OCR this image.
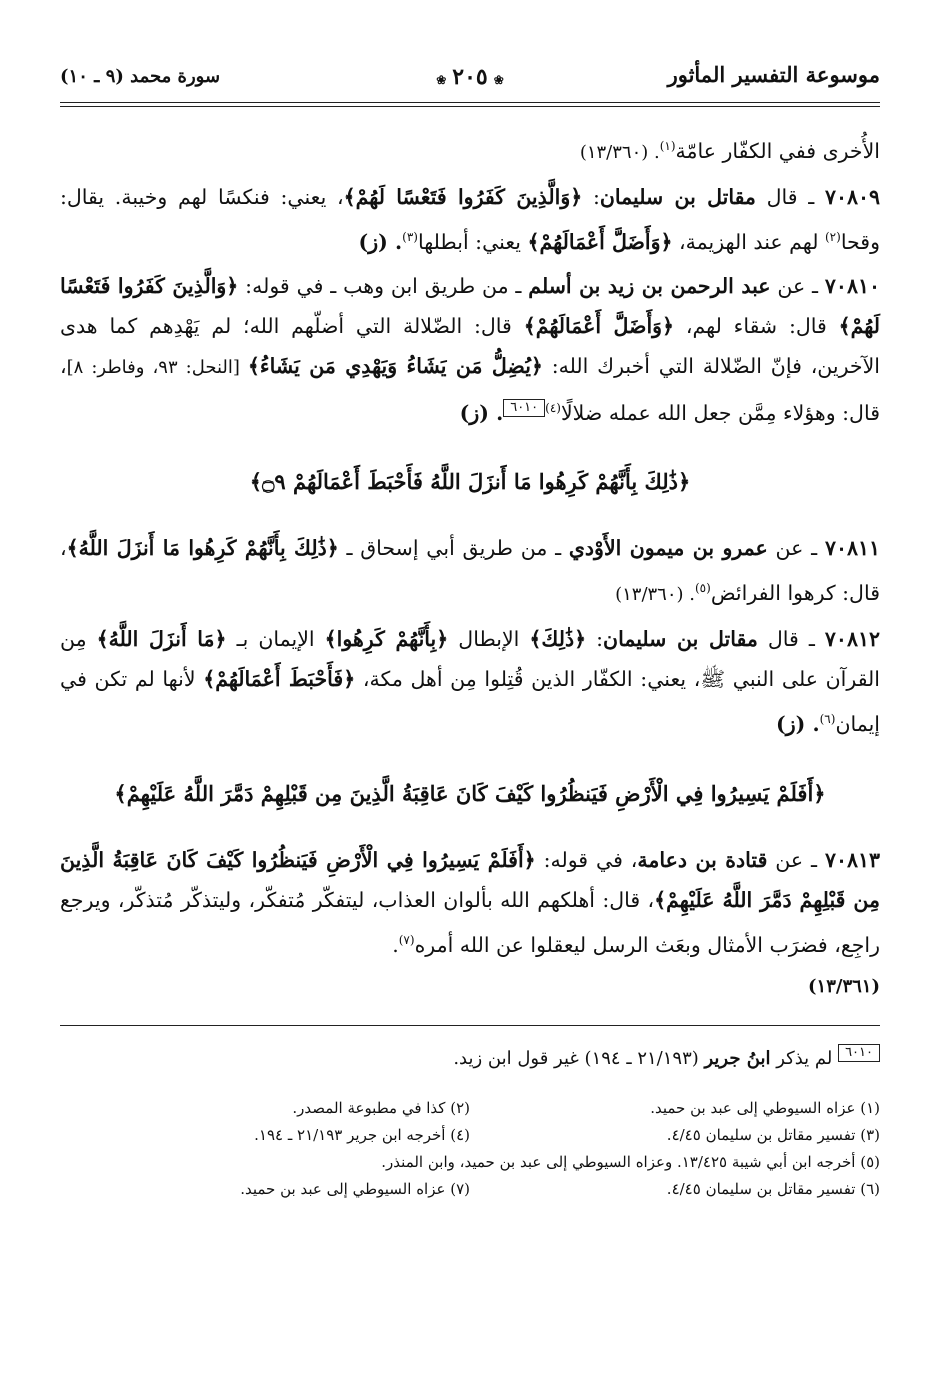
موسوعة التفسير المأثور
❀٢٠٥❀
سورة محمد (٩ ـ ١٠)

الأُخرى ففي الكفّار عامّة$^{(١)}$. (١٣/٣٦٠)

٧٠٨٠٩ ـ قال مقاتل بن سليمان: ﴿وَالَّذِينَ كَفَرُوا فَتَعْسًا لَهُمْ﴾، يعني: فنكسًا لهم وخيبة. يقال: وقحا$^{(٢)}$ لهم عند الهزيمة، ﴿وَأَضَلَّ أَعْمَالَهُمْ﴾ يعني: أبطلها$^{(٣)}$. (ز)

٧٠٨١٠ ـ عن عبد الرحمن بن زيد بن أسلم ـ من طريق ابن وهب ـ في قوله: ﴿وَالَّذِينَ كَفَرُوا فَتَعْسًا لَهُمْ﴾ قال: شقاء لهم، ﴿وَأَضَلَّ أَعْمَالَهُمْ﴾ قال: الضّلالة التي أضلّهم الله؛ لم يَهْدِهم كما هدى الآخرين، فإنّ الضّلالة التي أخبرك الله: ﴿يُضِلُّ مَن يَشَاءُ وَيَهْدِي مَن يَشَاءُ﴾ [النحل: ٩٣، وفاطر: ٨]، قال: وهؤلاء مِمَّن جعل الله عمله ضلالًا$^{(٤)}$٦٠١٠. (ز)

﴿ذَٰلِكَ بِأَنَّهُمْ كَرِهُوا مَا أَنزَلَ اللَّهُ فَأَحْبَطَ أَعْمَالَهُمْ ۝٩﴾

٧٠٨١١ ـ عن عمرو بن ميمون الأَوْدي ـ من طريق أبي إسحاق ـ ﴿ذَٰلِكَ بِأَنَّهُمْ كَرِهُوا مَا أَنزَلَ اللَّهُ﴾، قال: كرهوا الفرائض$^{(٥)}$. (١٣/٣٦٠)

٧٠٨١٢ ـ قال مقاتل بن سليمان: ﴿ذَٰلِكَ﴾ الإبطال ﴿بِأَنَّهُمْ كَرِهُوا﴾ الإيمان بـ ﴿مَا أَنزَلَ اللَّهُ﴾ مِن القرآن على النبي ﷺ، يعني: الكفّار الذين قُتِلوا مِن أهل مكة، ﴿فَأَحْبَطَ أَعْمَالَهُمْ﴾ لأنها لم تكن في إيمان$^{(٦)}$. (ز)

﴿أَفَلَمْ يَسِيرُوا فِي الْأَرْضِ فَيَنظُرُوا كَيْفَ كَانَ عَاقِبَةُ الَّذِينَ مِن قَبْلِهِمْ دَمَّرَ اللَّهُ عَلَيْهِمْ﴾

٧٠٨١٣ ـ عن قتادة بن دعامة، في قوله: ﴿أَفَلَمْ يَسِيرُوا فِي الْأَرْضِ فَيَنظُرُوا كَيْفَ كَانَ عَاقِبَةُ الَّذِينَ مِن قَبْلِهِمْ دَمَّرَ اللَّهُ عَلَيْهِمْ﴾، قال: أهلكهم الله بألوان العذاب، ليتفكّر مُتفكّر، وليتذكّر مُتذكّر، ويرجع راجِع، فضرَب الأمثال وبعَث الرسل ليعقلوا عن الله أمره$^{(٧)}$.
(١٣/٣٦١)

٦٠١٠ لم يذكر ابنُ جرير (٢١/١٩٣ ـ ١٩٤) غير قول ابن زيد.
(١) عزاه السيوطي إلى عبد بن حميد.
(٢) كذا في مطبوعة المصدر.
(٣) تفسير مقاتل بن سليمان ٤/٤٥.
(٤) أخرجه ابن جرير ٢١/١٩٣ ـ ١٩٤.
(٥) أخرجه ابن أبي شيبة ١٣/٤٢٥. وعزاه السيوطي إلى عبد بن حميد، وابن المنذر.
(٦) تفسير مقاتل بن سليمان ٤/٤٥.
(٧) عزاه السيوطي إلى عبد بن حميد.
